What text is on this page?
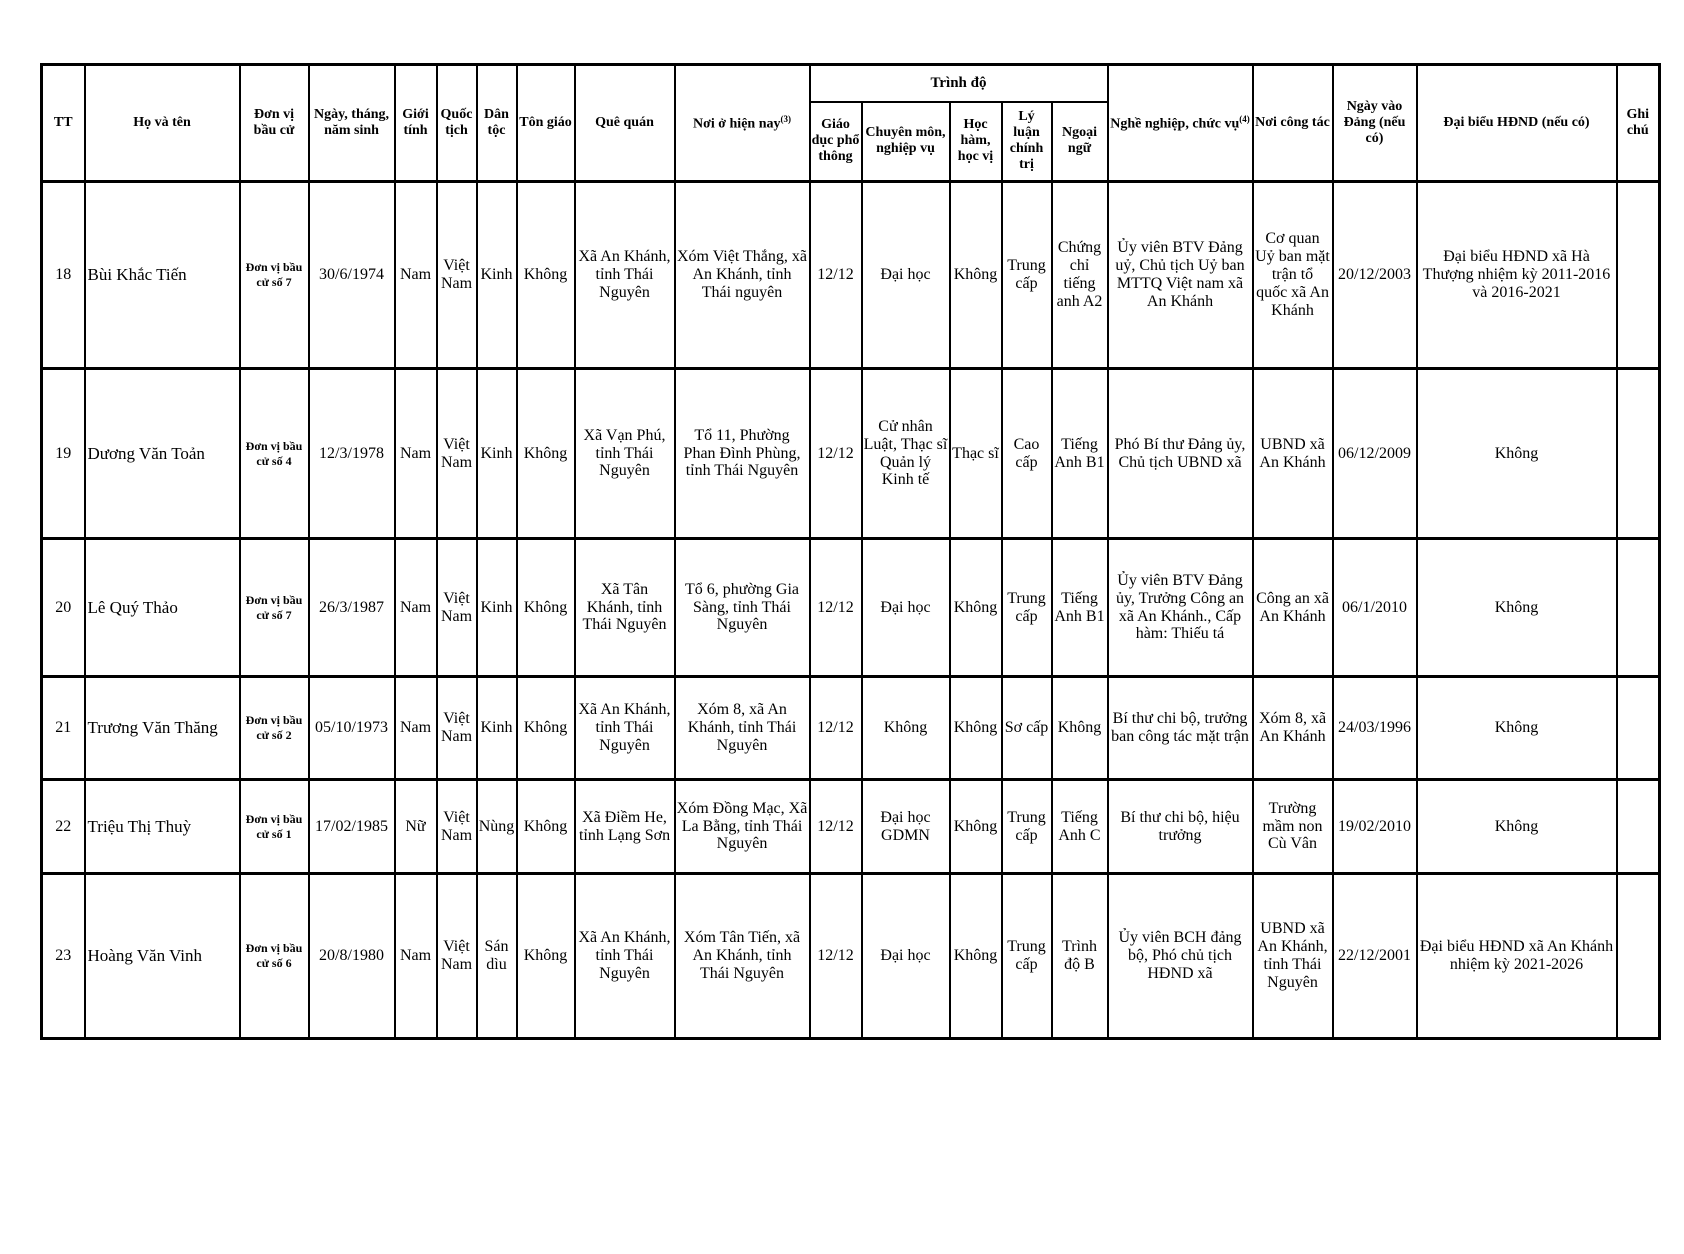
TT	Họ và tên	Đơn vị bầu cử	Ngày, tháng, năm sinh	Giới tính	Quốc tịch	Dân tộc	Tôn giáo	Quê quán	Nơi ở hiện nay$^{(3)}$	Trình độ					Nghề nghiệp, chức vụ$^{(4)}$	Nơi công tác	Ngày vào Đảng (nếu có)	Đại biểu HĐND (nếu có)	Ghi chú
										Giáo dục phổ thông	Chuyên môn, nghiệp vụ	Học hàm, học vị	Lý luận chính trị	Ngoại ngữ					
18	Bùi Khắc Tiến	Đơn vị bầu cử số 7	30/6/1974	Nam	Việt Nam	Kinh	Không	Xã An Khánh, tỉnh Thái Nguyên	Xóm Việt Thắng, xã An Khánh, tỉnh Thái nguyên	12/12	Đại học	Không	Trung cấp	Chứng chỉ tiếng anh A2	Ủy viên BTV Đảng uỷ, Chủ tịch Uỷ ban MTTQ Việt nam xã An Khánh	Cơ quan Uỷ ban mặt trận tổ quốc xã An Khánh	20/12/2003	Đại biểu HĐND xã Hà Thượng nhiệm kỳ 2011-2016 và 2016-2021	
19	Dương Văn Toản	Đơn vị bầu cử số 4	12/3/1978	Nam	Việt Nam	Kinh	Không	Xã Vạn Phú, tỉnh Thái Nguyên	Tổ 11, Phường Phan Đình Phùng, tỉnh Thái Nguyên	12/12	Cử nhân Luật, Thạc sĩ Quản lý Kinh tế	Thạc sĩ	Cao cấp	Tiếng Anh B1	Phó Bí thư Đảng ủy, Chủ tịch UBND xã	UBND xã An Khánh	06/12/2009	Không	
20	Lê Quý Thảo	Đơn vị bầu cử số 7	26/3/1987	Nam	Việt Nam	Kinh	Không	Xã Tân Khánh, tỉnh Thái Nguyên	Tổ 6, phường Gia Sàng, tỉnh Thái Nguyên	12/12	Đại học	Không	Trung cấp	Tiếng Anh B1	Ủy viên BTV Đảng ủy, Trưởng Công an xã An Khánh., Cấp hàm: Thiếu tá	Công an xã An Khánh	06/1/2010	Không	
21	Trương Văn Thăng	Đơn vị bầu cử số 2	05/10/1973	Nam	Việt Nam	Kinh	Không	Xã An Khánh, tỉnh Thái Nguyên	Xóm 8, xã An Khánh, tỉnh Thái Nguyên	12/12	Không	Không	Sơ cấp	Không	Bí thư chi bộ, trưởng ban công tác mặt trận	Xóm 8, xã An Khánh	24/03/1996	Không	
22	Triệu Thị Thuỳ	Đơn vị bầu cử số 1	17/02/1985	Nữ	Việt Nam	Nùng	Không	Xã Điềm He, tỉnh Lạng Sơn	Xóm Đồng Mạc, Xã La Bằng, tỉnh Thái Nguyên	12/12	Đại học GDMN	Không	Trung cấp	Tiếng Anh C	Bí thư chi bộ, hiệu trưởng	Trường mầm non Cù Vân	19/02/2010	Không	
23	Hoàng Văn Vinh	Đơn vị bầu cử số 6	20/8/1980	Nam	Việt Nam	Sán dìu	Không	Xã An Khánh, tỉnh Thái Nguyên	Xóm Tân Tiến, xã An Khánh, tỉnh Thái Nguyên	12/12	Đại học	Không	Trung cấp	Trình độ B	Ủy viên BCH đảng bộ, Phó chủ tịch HĐND xã	UBND xã An Khánh, tỉnh Thái Nguyên	22/12/2001	Đại biểu HĐND xã An Khánh nhiệm kỳ 2021-2026	
